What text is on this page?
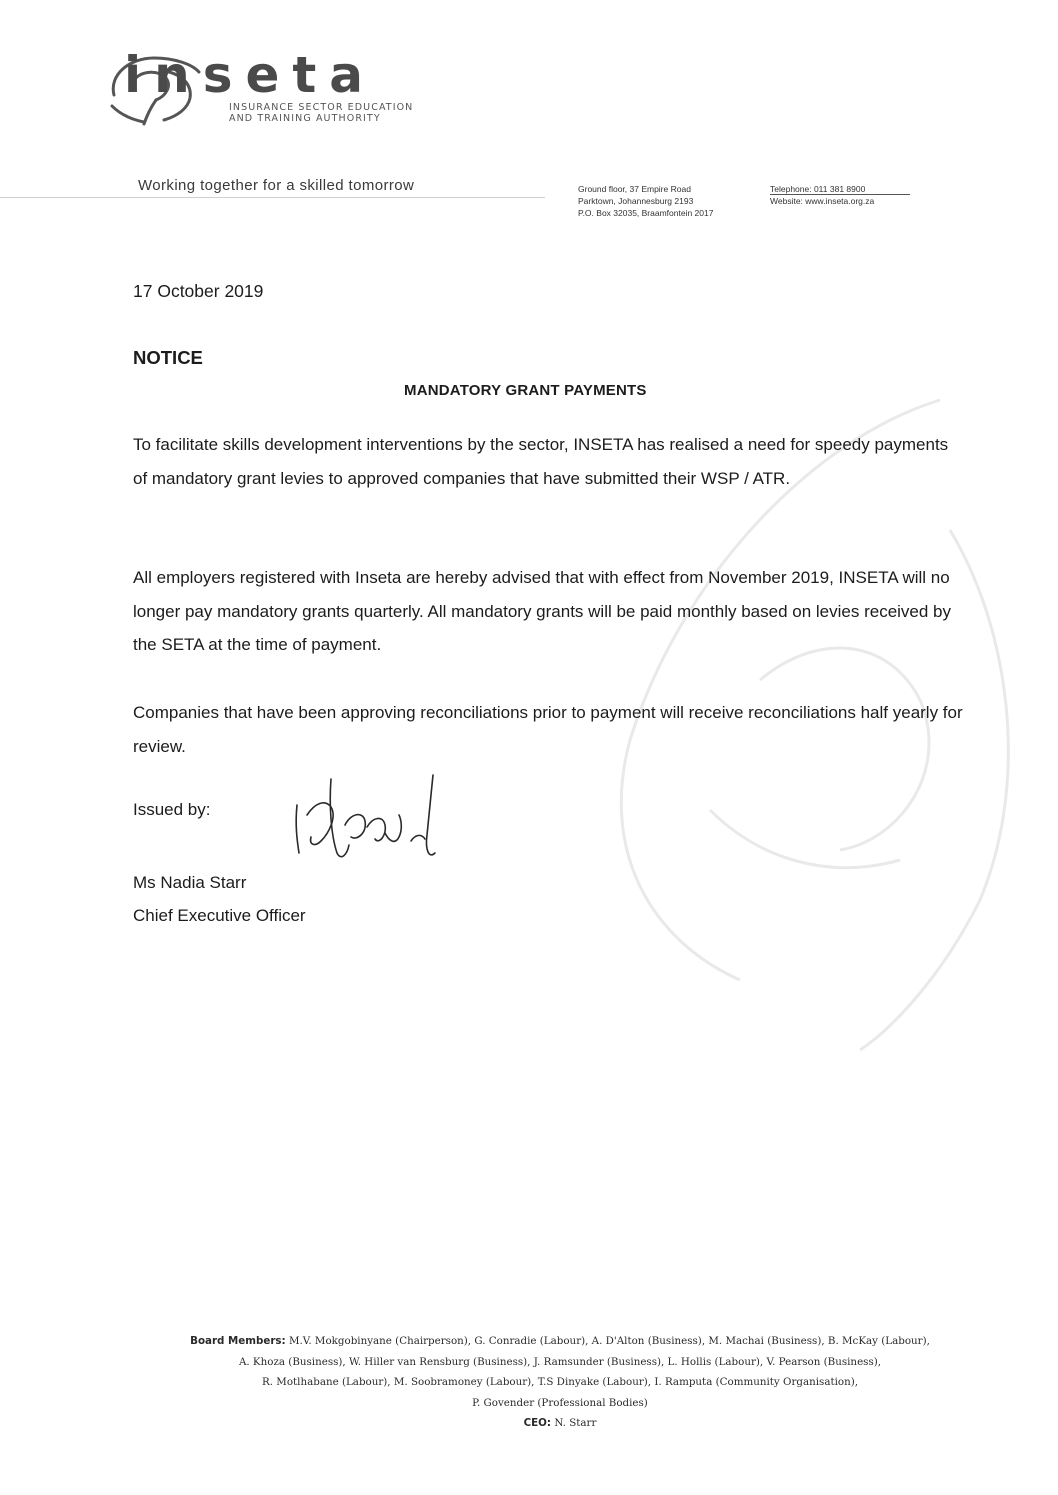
inseta
INSURANCE SECTOR EDUCATION
AND TRAINING AUTHORITY
Working together for a skilled tomorrow	Ground floor, 37 Empire Road
Parktown, Johannesburg 2193
P.O. Box 32035, Braamfontein 2017
Telephone: 011 381 8900
Website: www.inseta.org.za
17 October 2019
NOTICE
MANDATORY GRANT PAYMENTS
To facilitate skills development interventions by the sector, INSETA has realised a need for speedy payments of mandatory grant levies to approved companies that have submitted their WSP / ATR.
All employers registered with Inseta are hereby advised that with effect from November 2019, INSETA will no longer pay mandatory grants quarterly. All mandatory grants will be paid monthly based on levies received by the SETA at the time of payment.
Companies that have been approving reconciliations prior to payment will receive reconciliations half yearly for review.
Issued by:
Ms Nadia Starr
Chief Executive Officer
Board Members: M.V. Mokgobinyane (Chairperson), G. Conradie (Labour), A. D'Alton (Business), M. Machai (Business), B. McKay (Labour),
A. Khoza (Business), W. Hiller van Rensburg (Business), J. Ramsunder (Business), L. Hollis (Labour), V. Pearson (Business),
R. Motlhabane (Labour), M. Soobramoney (Labour), T.S Dinyake (Labour), I. Ramputa (Community Organisation),
P. Govender (Professional Bodies)
CEO: N. Starr
